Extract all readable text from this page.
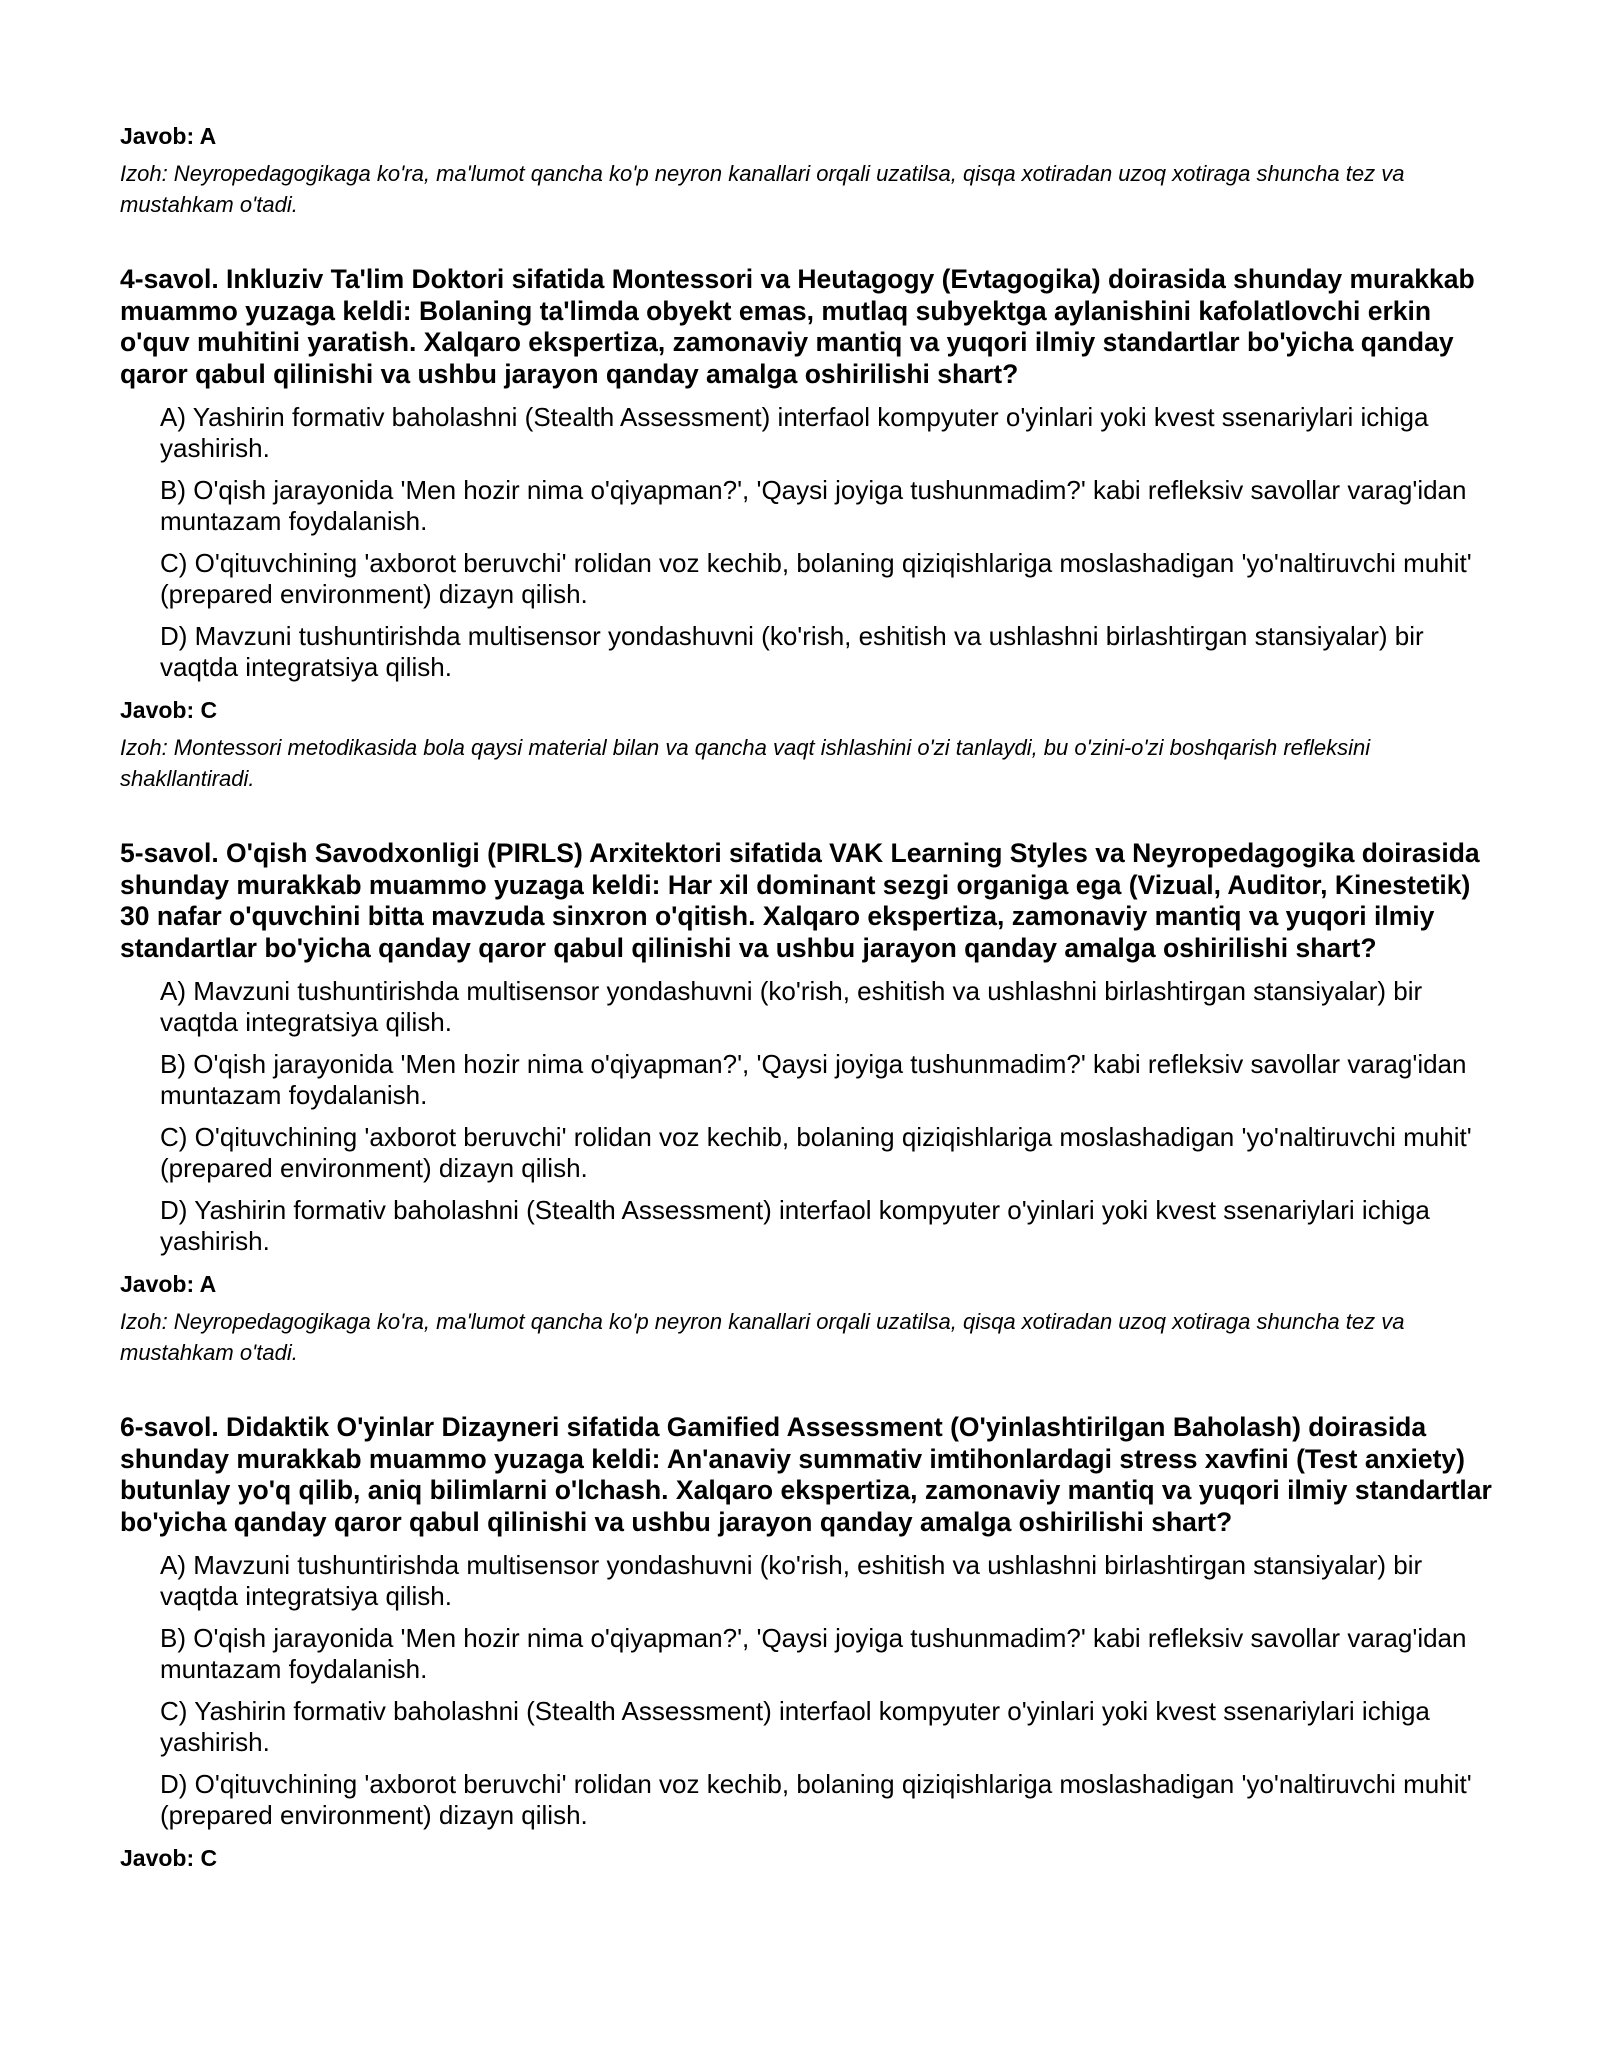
Javob: A

Izoh: Neyropedagogikaga ko'ra, ma'lumot qancha ko'p neyron kanallari orqali uzatilsa, qisqa xotiradan uzoq xotiraga shuncha tez va mustahkam o'tadi.

4-savol. Inkluziv Ta'lim Doktori sifatida Montessori va Heutagogy (Evtagogika) doirasida shunday murakkab muammo yuzaga keldi: Bolaning ta'limda obyekt emas, mutlaq subyektga aylanishini kafolatlovchi erkin o'quv muhitini yaratish. Xalqaro ekspertiza, zamonaviy mantiq va yuqori ilmiy standartlar bo'yicha qanday qaror qabul qilinishi va ushbu jarayon qanday amalga oshirilishi shart?

A) Yashirin formativ baholashni (Stealth Assessment) interfaol kompyuter o'yinlari yoki kvest ssenariylari ichiga yashirish.

B) O'qish jarayonida 'Men hozir nima o'qiyapman?', 'Qaysi joyiga tushunmadim?' kabi refleksiv savollar varag'idan muntazam foydalanish.

C) O'qituvchining 'axborot beruvchi' rolidan voz kechib, bolaning qiziqishlariga moslashadigan 'yo'naltiruvchi muhit' (prepared environment) dizayn qilish.

D) Mavzuni tushuntirishda multisensor yondashuvni (ko'rish, eshitish va ushlashni birlashtirgan stansiyalar) bir vaqtda integratsiya qilish.

Javob: C

Izoh: Montessori metodikasida bola qaysi material bilan va qancha vaqt ishlashini o'zi tanlaydi, bu o'zini-o'zi boshqarish refleksini shakllantiradi.

5-savol. O'qish Savodxonligi (PIRLS) Arxitektori sifatida VAK Learning Styles va Neyropedagogika doirasida shunday murakkab muammo yuzaga keldi: Har xil dominant sezgi organiga ega (Vizual, Auditor, Kinestetik) 30 nafar o'quvchini bitta mavzuda sinxron o'qitish. Xalqaro ekspertiza, zamonaviy mantiq va yuqori ilmiy standartlar bo'yicha qanday qaror qabul qilinishi va ushbu jarayon qanday amalga oshirilishi shart?

A) Mavzuni tushuntirishda multisensor yondashuvni (ko'rish, eshitish va ushlashni birlashtirgan stansiyalar) bir vaqtda integratsiya qilish.

B) O'qish jarayonida 'Men hozir nima o'qiyapman?', 'Qaysi joyiga tushunmadim?' kabi refleksiv savollar varag'idan muntazam foydalanish.

C) O'qituvchining 'axborot beruvchi' rolidan voz kechib, bolaning qiziqishlariga moslashadigan 'yo'naltiruvchi muhit' (prepared environment) dizayn qilish.

D) Yashirin formativ baholashni (Stealth Assessment) interfaol kompyuter o'yinlari yoki kvest ssenariylari ichiga yashirish.

Javob: A

Izoh: Neyropedagogikaga ko'ra, ma'lumot qancha ko'p neyron kanallari orqali uzatilsa, qisqa xotiradan uzoq xotiraga shuncha tez va mustahkam o'tadi.

6-savol. Didaktik O'yinlar Dizayneri sifatida Gamified Assessment (O'yinlashtirilgan Baholash) doirasida shunday murakkab muammo yuzaga keldi: An'anaviy summativ imtihonlardagi stress xavfini (Test anxiety) butunlay yo'q qilib, aniq bilimlarni o'lchash. Xalqaro ekspertiza, zamonaviy mantiq va yuqori ilmiy standartlar bo'yicha qanday qaror qabul qilinishi va ushbu jarayon qanday amalga oshirilishi shart?

A) Mavzuni tushuntirishda multisensor yondashuvni (ko'rish, eshitish va ushlashni birlashtirgan stansiyalar) bir vaqtda integratsiya qilish.

B) O'qish jarayonida 'Men hozir nima o'qiyapman?', 'Qaysi joyiga tushunmadim?' kabi refleksiv savollar varag'idan muntazam foydalanish.

C) Yashirin formativ baholashni (Stealth Assessment) interfaol kompyuter o'yinlari yoki kvest ssenariylari ichiga yashirish.

D) O'qituvchining 'axborot beruvchi' rolidan voz kechib, bolaning qiziqishlariga moslashadigan 'yo'naltiruvchi muhit' (prepared environment) dizayn qilish.

Javob: C
